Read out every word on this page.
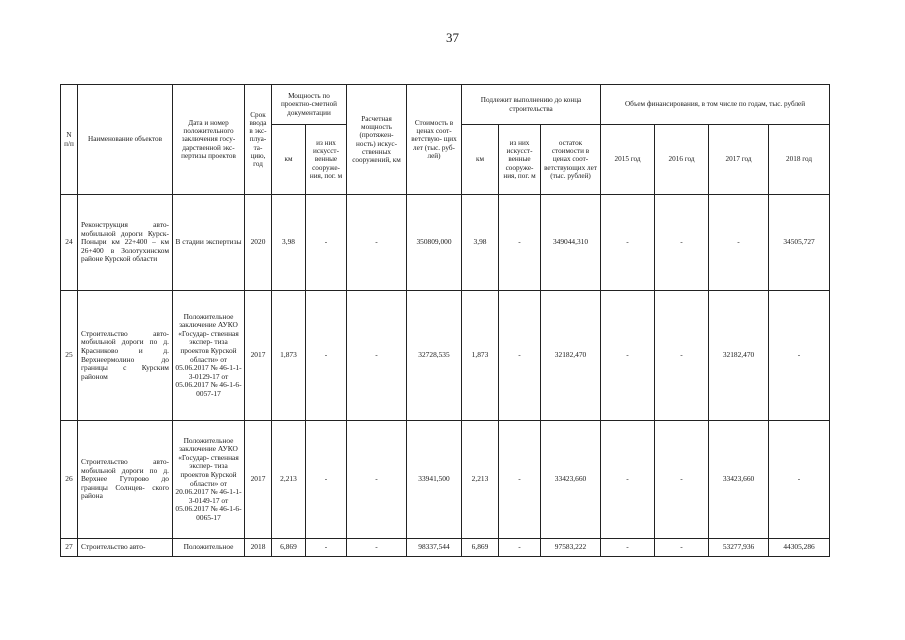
37
N п/п	Наименование объектов	Дата и номер положительного заключения госу- дарственной экс- пертизы проектов	Срок ввода в экс- плуа- та- цию, год	Мощность по проектно-сметной документации		Расчетная мощность (протяжен- ность) искус- ственных сооружений, км	Стоимость в ценах соот- ветствую- щих лет (тыс. руб- лей)	Подлежит выполнению до конца строительства			Объем финансирования, в том числе по годам, тыс. рублей			
				км	из них искусст- венные сооруже- ния, пог. м			км	из них искусст- венные сооруже- ния, пог. м	остаток стоимости в ценах соот- ветствующих лет (тыс. рублей)	2015 год	2016 год	2017 год	2018 год
24	Реконструкция авто- мобильной дороги Курск-Поныри км 22+400 – км 26+400 в Золотухинском районе Курской области	В стадии экспертизы	2020	3,98	-	-	350809,000	3,98	-	349044,310	-	-	-	34505,727
25	Строительство авто- мобильной дороги по д. Красниково и д. Верхнеермолино до границы с Курским районом	Положительное заключение АУКО «Государ- ственная экспер- тиза проектов Курской области» от 05.06.2017 № 46-1-1-3-0129-17 от 05.06.2017 № 46-1-6-0057-17	2017	1,873	-	-	32728,535	1,873	-	32182,470	-	-	32182,470	-
26	Строительство авто- мобильной дороги по д. Верхнее Гуторово до границы Солнцев- ского района	Положительное заключение АУКО «Государ- ственная экспер- тиза проектов Курской области» от 20.06.2017 № 46-1-1-3-0149-17 от 05.06.2017 № 46-1-6-0065-17	2017	2,213	-	-	33941,500	2,213	-	33423,660	-	-	33423,660	-
27	Строительство авто-	Положительное	2018	6,869	-	-	98337,544	6,869	-	97583,222	-	-	53277,936	44305,286
